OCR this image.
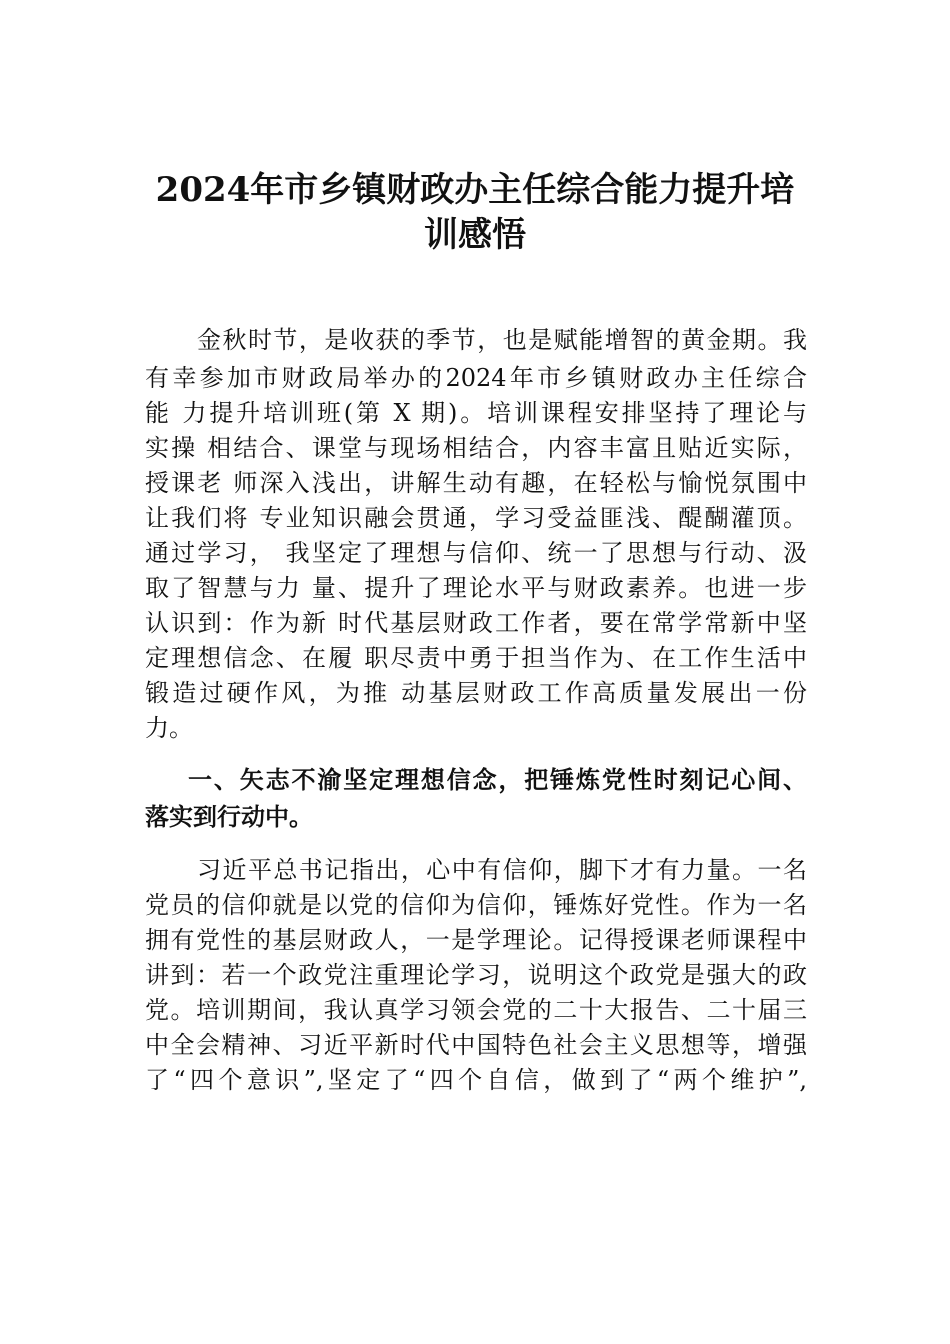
2024年市乡镇财政办主任综合能力提升培
训感悟

金秋时节，是收获的季节，也是赋能增智的黄金期。我

有幸参加市财政局举办的2024年市乡镇财政办主任综合

能 力提升培训班(第 X 期)。培训课程安排坚持了理论与

实操 相结合、课堂与现场相结合，内容丰富且贴近实际，

授课老 师深入浅出，讲解生动有趣，在轻松与愉悦氛围中

让我们将 专业知识融会贯通，学习受益匪浅、醍醐灌顶。

通过学习， 我坚定了理想与信仰、统一了思想与行动、汲

取了智慧与力 量、提升了理论水平与财政素养。也进一步

认识到：作为新 时代基层财政工作者，要在常学常新中坚

定理想信念、在履 职尽责中勇于担当作为、在工作生活中

锻造过硬作风，为推 动基层财政工作高质量发展出一份

力。

一、矢志不渝坚定理想信念，把锤炼党性时刻记心间、
落实到行动中。

习近平总书记指出，心中有信仰，脚下才有力量。一名

党员的信仰就是以党的信仰为信仰，锤炼好党性。作为一名

拥有党性的基层财政人，一是学理论。记得授课老师课程中

讲到：若一个政党注重理论学习，说明这个政党是强大的政

党。培训期间，我认真学习领会党的二十大报告、二十届三

中全会精神、习近平新时代中国特色社会主义思想等，增强

了“四个意识”,坚定了“四个自信，做到了“两个维护”,
